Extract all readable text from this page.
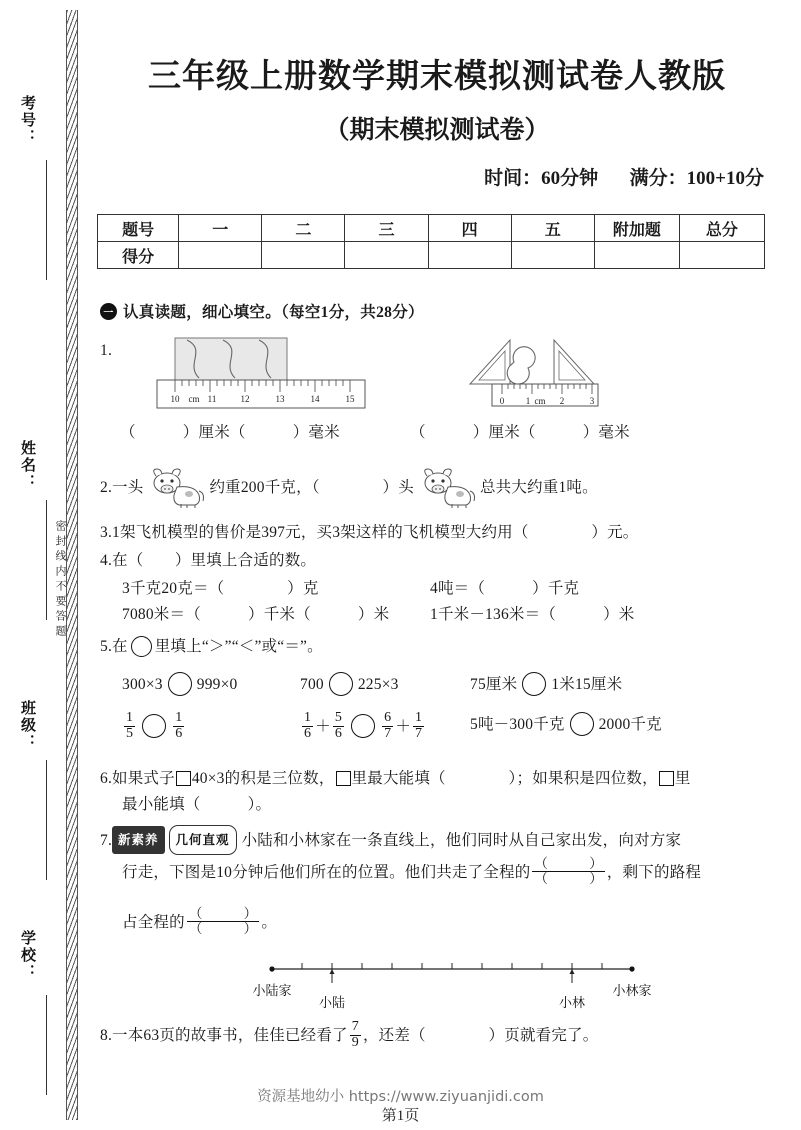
密封线内不要答题
考号：
姓名：
班级：
学校：
三年级上册数学期末模拟测试卷人教版
（期末模拟测试卷）
时间：60分钟 满分：100+10分
题号	一	二	三	四	五	附加题	总分
得分							
一 认真读题，细心填空。（每空1分，共28分）
1.
10 cm 11	12	13	14	15	0 1 cm 2	3
（　　　）厘米（　　　）毫米	（　　　）厘米（　　　）毫米
2. 一头	约重200千克，（　　　　）头	总共大约重1吨。
3.1架飞机模型的售价是397元，买3架这样的飞机模型大约用（　　　　）元。
4.在（　　）里填上合适的数。
3千克20克＝（　　　　）克	4吨＝（　　　）千克
7080米＝（　　　）千米（　　　）米	1千米－136米＝（　　　）米
5. 在 里填上“＞”“＜”或“＝”。
300×3 999×0	700 225×3	75厘米 1米15厘米
$\frac{1}{5}$	$\frac{1}{6}$	$\frac{1}{6} + \frac{5}{6}$	$\frac{6}{7} + \frac{1}{7}$	5吨－300千克 2000千克
6.如果式子 40×3的积是三位数， 里最大能填（　　　　）；如果积是四位数， 里
最小能填（　　　）。
7. 新素养	几何直观 小陆和小林家在一条直线上，他们同时从自己家出发，向对方家
行走，下图是10分钟后他们所在的位置。他们共走了全程的 $\frac{( )}{( )}$ ，剩下的路程
占全程的 $\frac{( )}{( )}$ 。
小陆家
小陆	小林
小林家
8. 一本63页的故事书，佳佳已经看了 $\frac{7}{9}$ ，还差（　　　　）页就看完了。
资源基地幼小 https://www.ziyuanjidi.com
第1页
